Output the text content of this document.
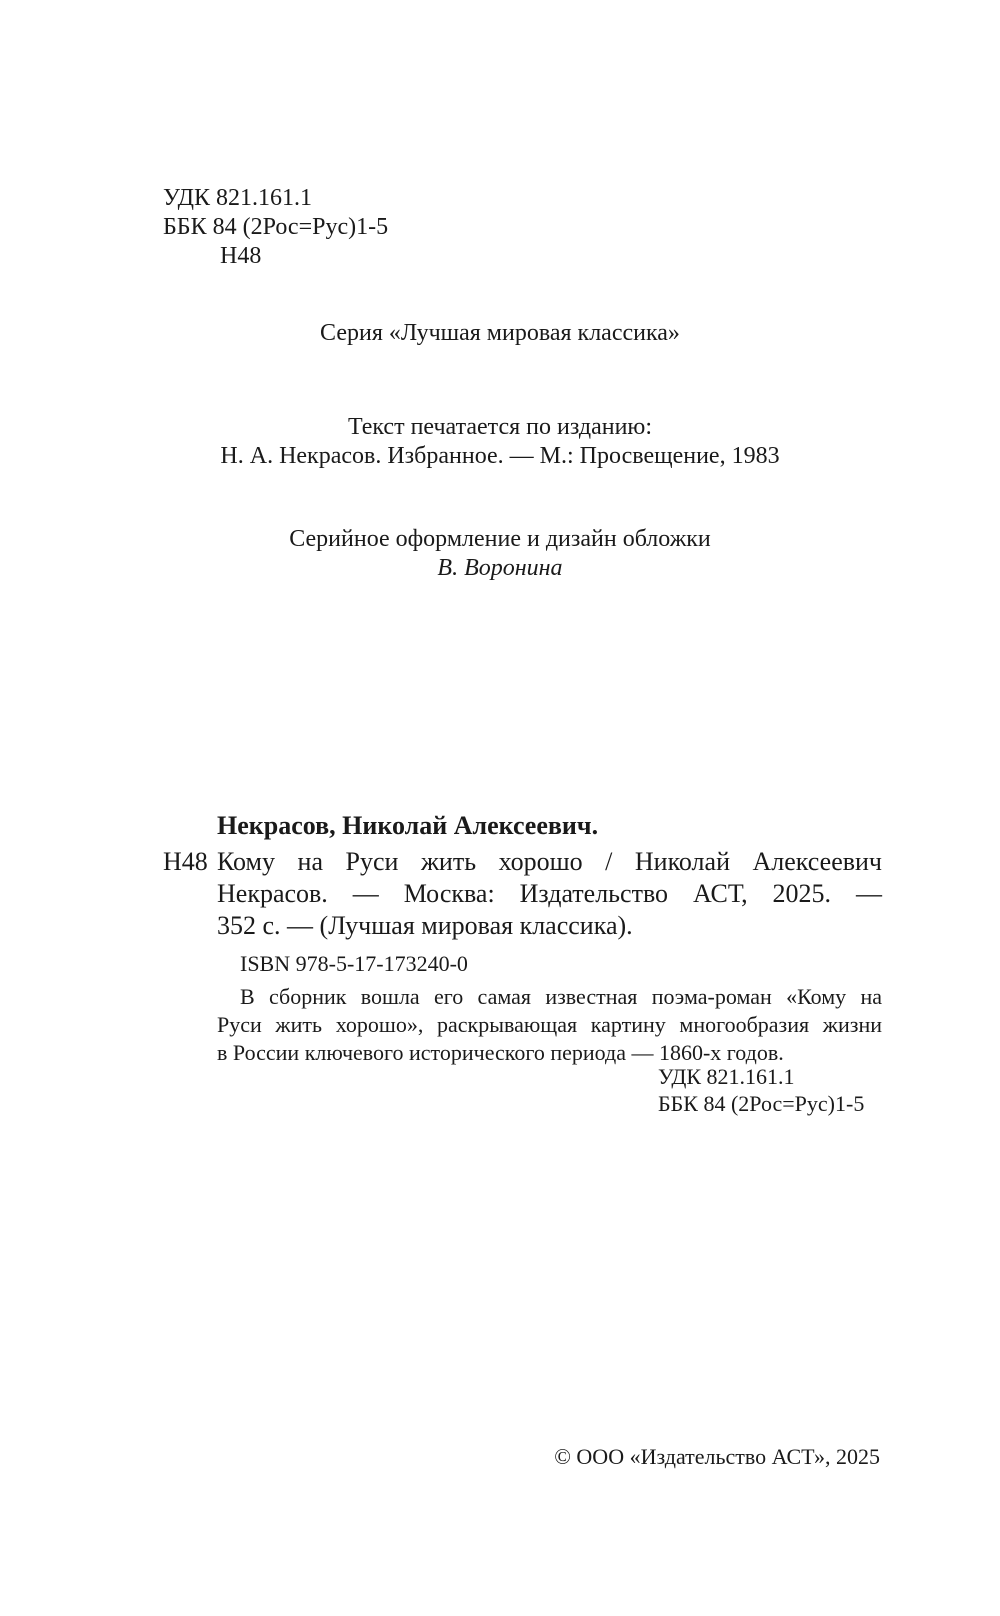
УДК 821.161.1
ББК 84 (2Рос=Рус)1-5
Н48
Серия «Лучшая мировая классика»
Текст печатается по изданию:
Н. А. Некрасов. Избранное. — М.: Просвещение, 1983
Серийное оформление и дизайн обложки
В. Воронина
Некрасов, Николай Алексеевич.
Н48 Кому на Руси жить хорошо / Николай Алексеевич
Некрасов. — Москва: Издательство АСТ, 2025. —
352 с. — (Лучшая мировая классика).
ISBN 978-5-17-173240-0
В сборник вошла его самая известная поэма-роман «Кому на
Руси жить хорошо», раскрывающая картину многообразия жизни
в России ключевого исторического периода — 1860-х годов.
УДК 821.161.1
ББК 84 (2Рос=Рус)1-5
© ООО «Издательство АСТ», 2025
